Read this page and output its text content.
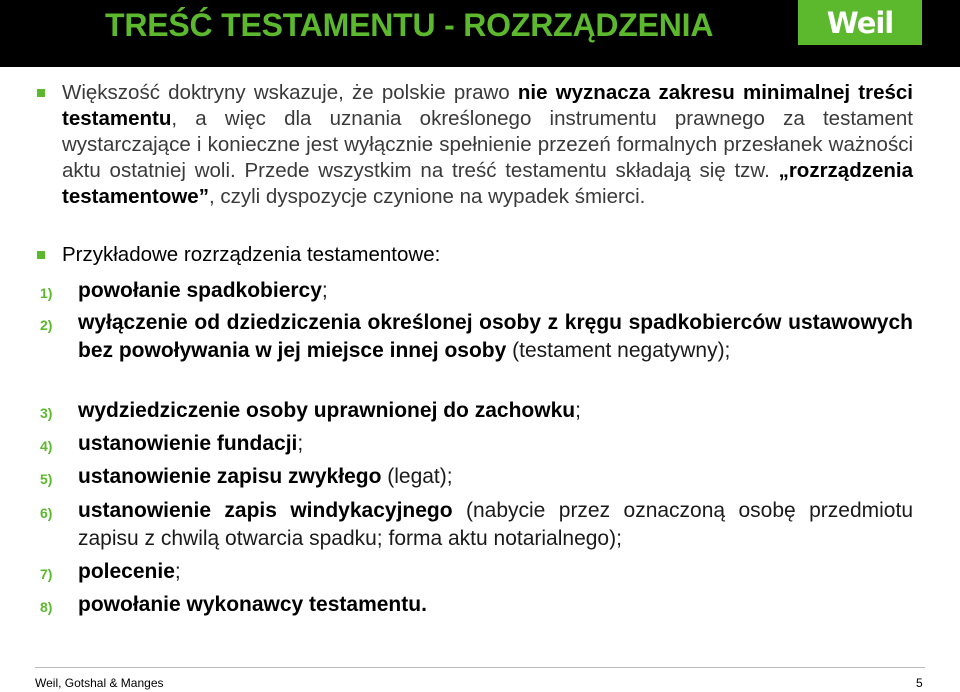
TREŚĆ TESTAMENTU - ROZRZĄDZENIA	Weil

Większość doktryny wskazuje, że polskie prawo nie wyznacza zakresu minimalnej treści testamentu, a więc dla uznania określonego instrumentu prawnego za testament wystarczające i konieczne jest wyłącznie spełnienie przezeń formalnych przesłanek ważności aktu ostatniej woli. Przede wszystkim na treść testamentu składają się tzw. „rozrządzenia testamentowe”, czyli dyspozycje czynione na wypadek śmierci.

Przykładowe rozrządzenia testamentowe:

1) powołanie spadkobiercy;

2) wyłączenie od dziedziczenia określonej osoby z kręgu spadkobierców ustawowych bez powoływania w jej miejsce innej osoby (testament negatywny);

3) wydziedziczenie osoby uprawnionej do zachowku;

4) ustanowienie fundacji;

5) ustanowienie zapisu zwykłego (legat);

6) ustanowienie zapis windykacyjnego (nabycie przez oznaczoną osobę przedmiotu zapisu z chwilą otwarcia spadku; forma aktu notarialnego);

7) polecenie;

8) powołanie wykonawcy testamentu.

Weil, Gotshal & Manges	5
